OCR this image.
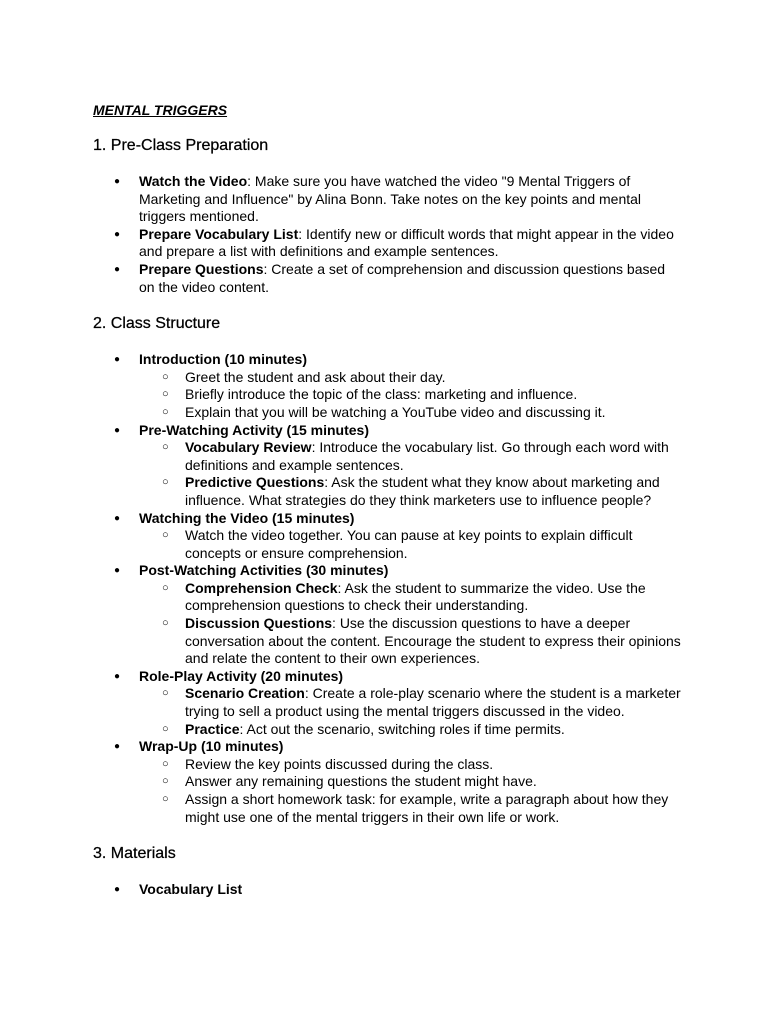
MENTAL TRIGGERS
1. Pre-Class Preparation
● Watch the Video: Make sure you have watched the video "9 Mental Triggers of Marketing and Influence" by Alina Bonn. Take notes on the key points and mental triggers mentioned.
● Prepare Vocabulary List: Identify new or difficult words that might appear in the video and prepare a list with definitions and example sentences.
● Prepare Questions: Create a set of comprehension and discussion questions based on the video content.
2. Class Structure
● Introduction (10 minutes)
○ Greet the student and ask about their day.
○ Briefly introduce the topic of the class: marketing and influence.
○ Explain that you will be watching a YouTube video and discussing it.
● Pre-Watching Activity (15 minutes)
○ Vocabulary Review: Introduce the vocabulary list. Go through each word with definitions and example sentences.
○ Predictive Questions: Ask the student what they know about marketing and influence. What strategies do they think marketers use to influence people?
● Watching the Video (15 minutes)
○ Watch the video together. You can pause at key points to explain difficult concepts or ensure comprehension.
● Post-Watching Activities (30 minutes)
○ Comprehension Check: Ask the student to summarize the video. Use the comprehension questions to check their understanding.
○ Discussion Questions: Use the discussion questions to have a deeper conversation about the content. Encourage the student to express their opinions and relate the content to their own experiences.
● Role-Play Activity (20 minutes)
○ Scenario Creation: Create a role-play scenario where the student is a marketer trying to sell a product using the mental triggers discussed in the video.
○ Practice: Act out the scenario, switching roles if time permits.
● Wrap-Up (10 minutes)
○ Review the key points discussed during the class.
○ Answer any remaining questions the student might have.
○ Assign a short homework task: for example, write a paragraph about how they might use one of the mental triggers in their own life or work.
3. Materials
● Vocabulary List
